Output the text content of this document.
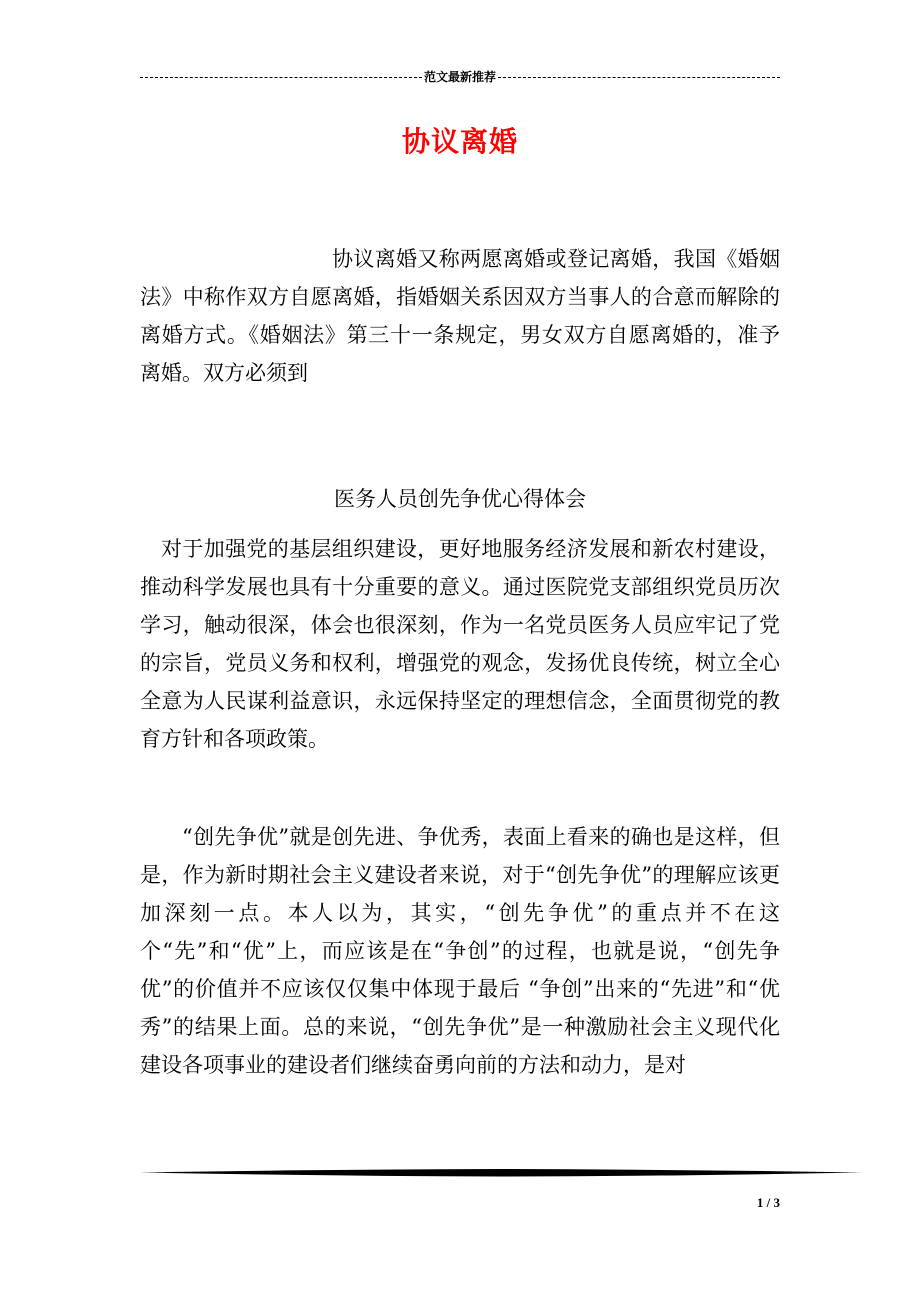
范文最新推荐
协议离婚

协议离婚又称两愿离婚或登记离婚，我国《婚姻法》中称作双方自愿离婚，指婚姻关系因双方当事人的合意而解除的离婚方式。《婚姻法》第三十一条规定，男女双方自愿离婚的，准予离婚。双方必须到

医务人员创先争优心得体会

对于加强党的基层组织建设，更好地服务经济发展和新农村建设，推动科学发展也具有十分重要的意义。通过医院党支部组织党员历次学习，触动很深，体会也很深刻，作为一名党员医务人员应牢记了党的宗旨，党员义务和权利，增强党的观念，发扬优良传统，树立全心全意为人民谋利益意识，永远保持坚定的理想信念，全面贯彻党的教育方针和各项政策。

“创先争优”就是创先进、争优秀，表面上看来的确也是这样，但是，作为新时期社会主义建设者来说，对于“创先争优”的理解应该更加深刻一点。本人以为，其实，“创先争优”的重点并不在这个“先”和“优”上，而应该是在“争创”的过程，也就是说，“创先争优”的价值并不应该仅仅集中体现于最后 “争创”出来的“先进”和“优秀”的结果上面。总的来说，“创先争优”是一种激励社会主义现代化建设各项事业的建设者们继续奋勇向前的方法和动力，是对

1 / 3
